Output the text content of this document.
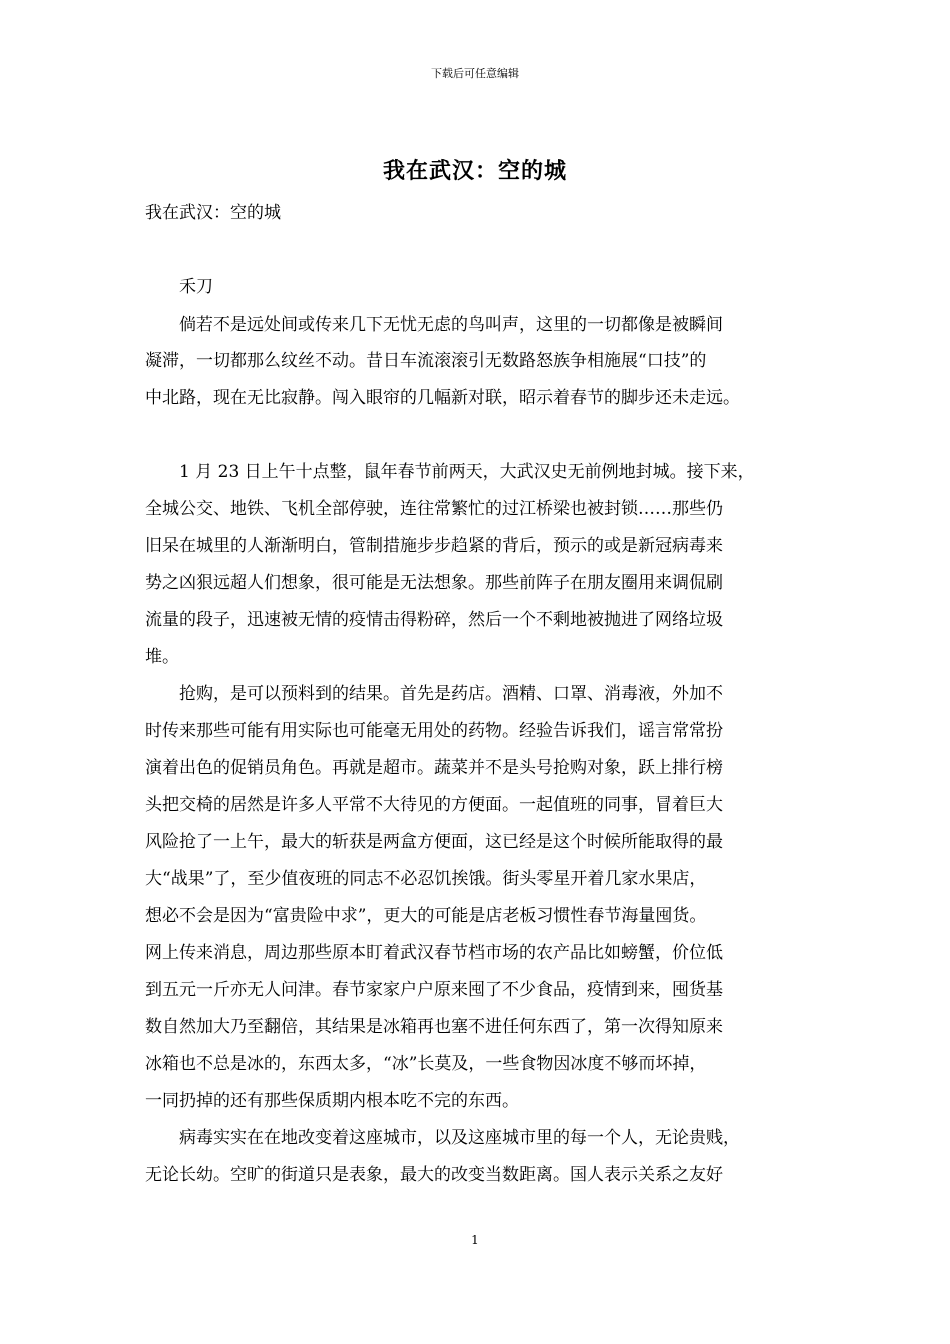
下载后可任意编辑
我在武汉：空的城
我在武汉：空的城
　　禾刀
　　倘若不是远处间或传来几下无忧无虑的鸟叫声，这里的一切都像是被瞬间
凝滞，一切都那么纹丝不动。昔日车流滚滚引无数路怒族争相施展“口技”的
中北路，现在无比寂静。闯入眼帘的几幅新对联，昭示着春节的脚步还未走远。
　　1 月 23 日上午十点整，鼠年春节前两天，大武汉史无前例地封城。接下来，
全城公交、地铁、飞机全部停驶，连往常繁忙的过江桥梁也被封锁……那些仍
旧呆在城里的人渐渐明白，管制措施步步趋紧的背后，预示的或是新冠病毒来
势之凶狠远超人们想象，很可能是无法想象。那些前阵子在朋友圈用来调侃刷
流量的段子，迅速被无情的疫情击得粉碎，然后一个不剩地被抛进了网络垃圾
堆。
　　抢购，是可以预料到的结果。首先是药店。酒精、口罩、消毒液，外加不
时传来那些可能有用实际也可能毫无用处的药物。经验告诉我们，谣言常常扮
演着出色的促销员角色。再就是超市。蔬菜并不是头号抢购对象，跃上排行榜
头把交椅的居然是许多人平常不大待见的方便面。一起值班的同事，冒着巨大
风险抢了一上午，最大的斩获是两盒方便面，这已经是这个时候所能取得的最
大“战果”了，至少值夜班的同志不必忍饥挨饿。街头零星开着几家水果店，
想必不会是因为“富贵险中求”，更大的可能是店老板习惯性春节海量囤货。
网上传来消息，周边那些原本盯着武汉春节档市场的农产品比如螃蟹，价位低
到五元一斤亦无人问津。春节家家户户原来囤了不少食品，疫情到来，囤货基
数自然加大乃至翻倍，其结果是冰箱再也塞不进任何东西了，第一次得知原来
冰箱也不总是冰的，东西太多，“冰”长莫及，一些食物因冰度不够而坏掉，
一同扔掉的还有那些保质期内根本吃不完的东西。
　　病毒实实在在地改变着这座城市，以及这座城市里的每一个人，无论贵贱，
无论长幼。空旷的街道只是表象，最大的改变当数距离。国人表示关系之友好
1
